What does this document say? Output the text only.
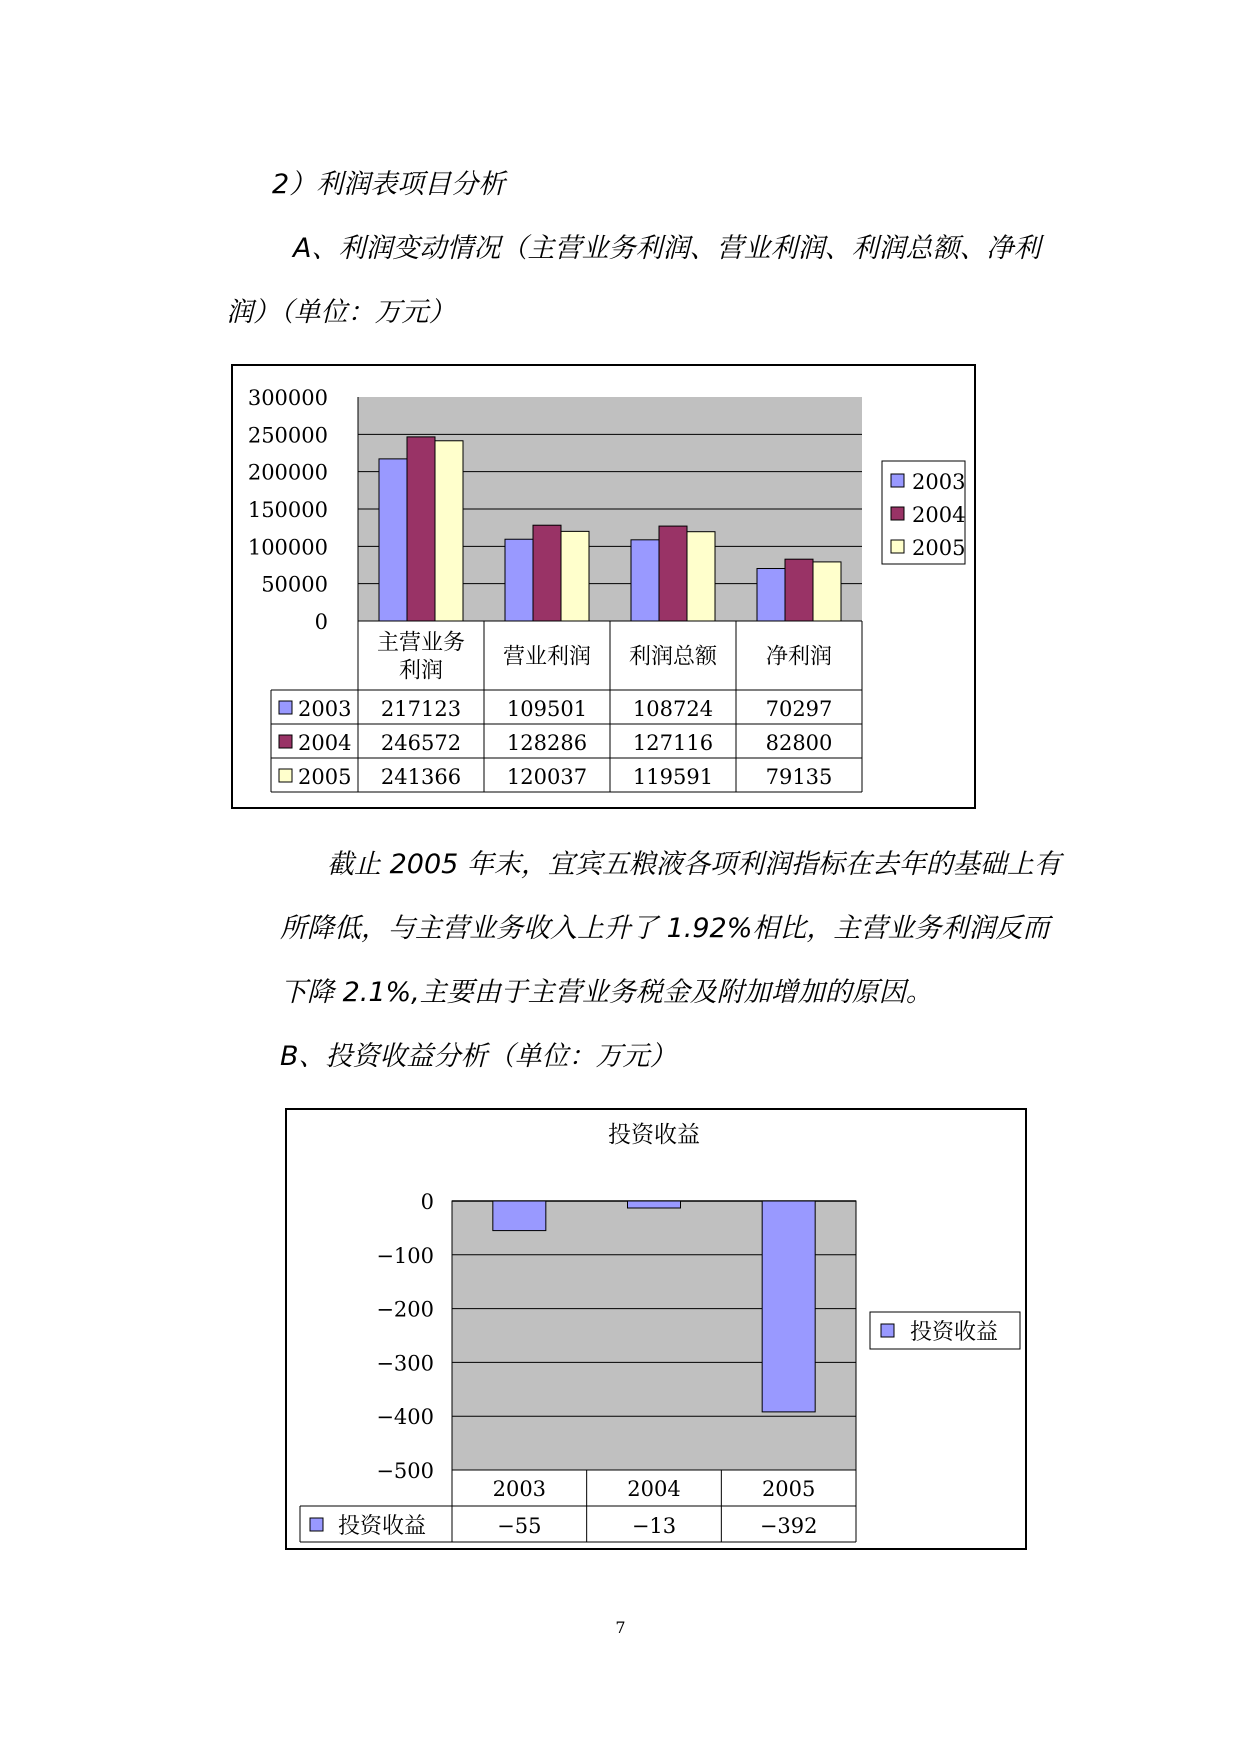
2）利润表项目分析
A、利润变动情况（主营业务利润、营业利润、利润总额、净利
润）（单位：万元）
300000
250000
200000
150000
100000
50000
0
主营业务
利润
营业利润 利润总额 净利润
2003 217123 109501 108724	70297
2004 246572 128286 127116	82800
2005 241366 120037 119591	79135
2003
2004
2005
截止 2005 年末，宜宾五粮液各项利润指标在去年的基础上有
所降低，与主营业务收入上升了 1.92%相比，主营业务利润反而
下降 2.1%,主要由于主营业务税金及附加增加的原因。
B、投资收益分析（单位：万元）
投资收益
0
−100
−200
−300
−400
−500
2003	2004	2005
投资收益	−55	−13	−392
投资收益
7
